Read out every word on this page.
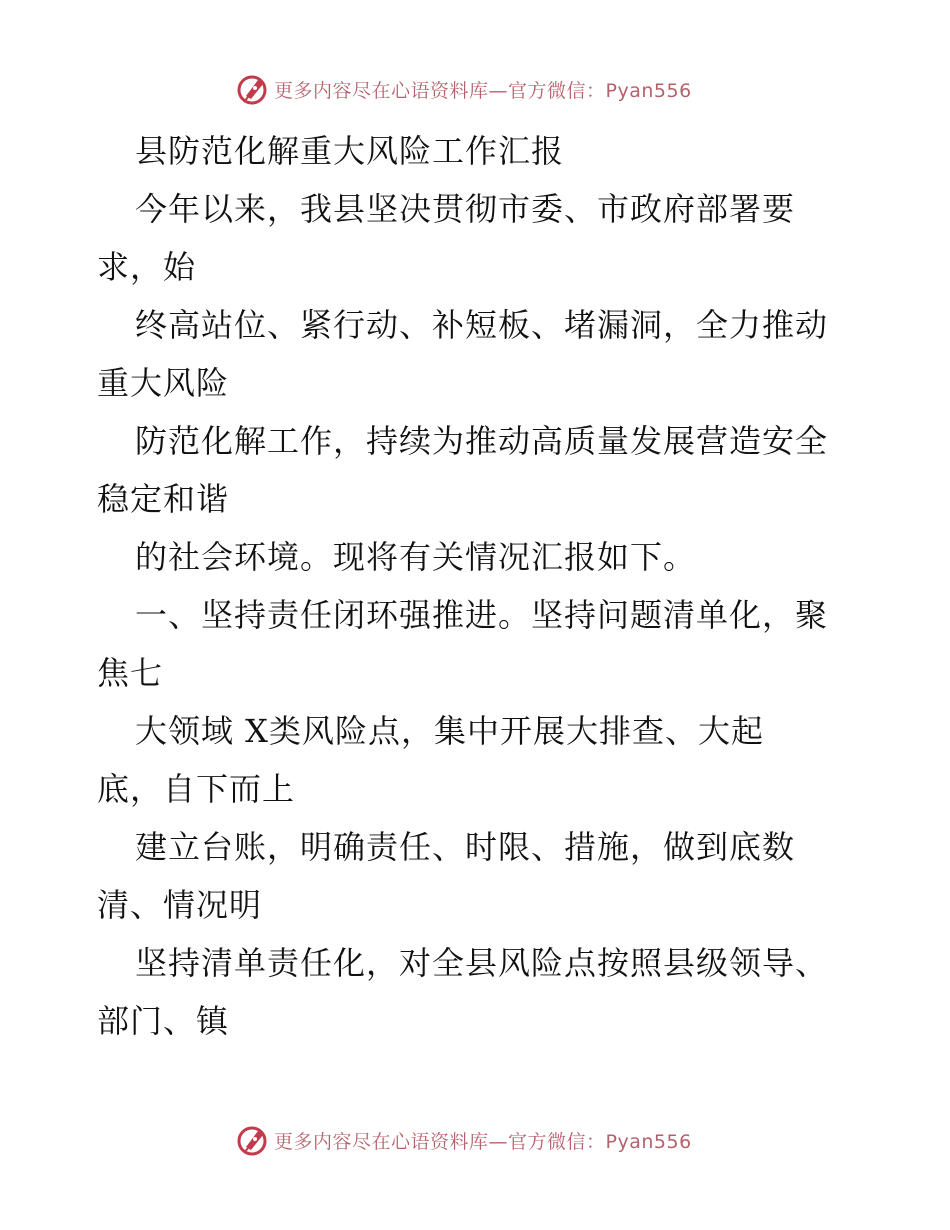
更多内容尽在心语资料库—官方微信：Pyan556
县防范化解重大风险工作汇报
今年以来，我县坚决贯彻市委、市政府部署要
求，始
终高站位、紧行动、补短板、堵漏洞，全力推动
重大风险
防范化解工作，持续为推动高质量发展营造安全
稳定和谐
的社会环境。现将有关情况汇报如下。
一、坚持责任闭环强推进。坚持问题清单化，聚
焦七
大领域 X类风险点，集中开展大排查、大起
底，自下而上
建立台账，明确责任、时限、措施，做到底数
清、情况明
坚持清单责任化，对全县风险点按照县级领导、
部门、镇
更多内容尽在心语资料库—官方微信：Pyan556
